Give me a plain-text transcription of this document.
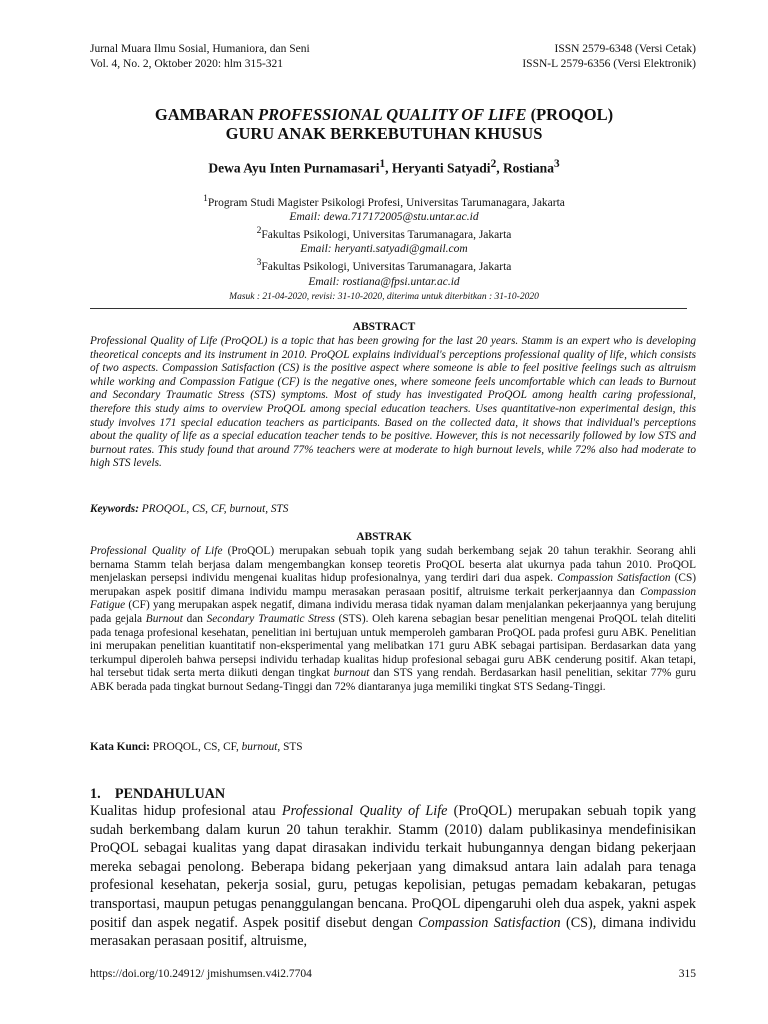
Jurnal Muara Ilmu Sosial, Humaniora, dan Seni
Vol. 4, No. 2, Oktober 2020: hlm 315-321
ISSN 2579-6348 (Versi Cetak)
ISSN-L 2579-6356 (Versi Elektronik)
GAMBARAN PROFESSIONAL QUALITY OF LIFE (PROQOL)
GURU ANAK BERKEBUTUHAN KHUSUS
Dewa Ayu Inten Purnamasari$^1$, Heryanti Satyadi$^2$, Rostiana$^3$
$^1$Program Studi Magister Psikologi Profesi, Universitas Tarumanagara, Jakarta
Email: dewa.717172005@stu.untar.ac.id
$^2$Fakultas Psikologi, Universitas Tarumanagara, Jakarta
Email: heryanti.satyadi@gmail.com
$^3$Fakultas Psikologi, Universitas Tarumanagara, Jakarta
Email: rostiana@fpsi.untar.ac.id
Masuk : 21-04-2020, revisi: 31-10-2020, diterima untuk diterbitkan : 31-10-2020
ABSTRACT
Professional Quality of Life (ProQOL) is a topic that has been growing for the last 20 years. Stamm is an expert who is developing theoretical concepts and its instrument in 2010. ProQOL explains individual's perceptions professional quality of life, which consists of two aspects. Compassion Satisfaction (CS) is the positive aspect where someone is able to feel positive feelings such as altruism while working and Compassion Fatigue (CF) is the negative ones, where someone feels uncomfortable which can leads to Burnout and Secondary Traumatic Stress (STS) symptoms. Most of study has investigated ProQOL among health caring professional, therefore this study aims to overview ProQOL among special education teachers. Uses quantitative-non experimental design, this study involves 171 special education teachers as participants. Based on the collected data, it shows that individual's perceptions about the quality of life as a special education teacher tends to be positive. However, this is not necessarily followed by low STS and burnout rates. This study found that around 77% teachers were at moderate to high burnout levels, while 72% also had moderate to high STS levels.
Keywords: PROQOL, CS, CF, burnout, STS
ABSTRAK
Professional Quality of Life (ProQOL) merupakan sebuah topik yang sudah berkembang sejak 20 tahun terakhir. Seorang ahli bernama Stamm telah berjasa dalam mengembangkan konsep teoretis ProQOL beserta alat ukurnya pada tahun 2010. ProQOL menjelaskan persepsi individu mengenai kualitas hidup profesionalnya, yang terdiri dari dua aspek. Compassion Satisfaction (CS) merupakan aspek positif dimana individu mampu merasakan perasaan positif, altruisme terkait perkerjaannya dan Compassion Fatigue (CF) yang merupakan aspek negatif, dimana individu merasa tidak nyaman dalam menjalankan pekerjaannya yang berujung pada gejala Burnout dan Secondary Traumatic Stress (STS). Oleh karena sebagian besar penelitian mengenai ProQOL telah diteliti pada tenaga profesional kesehatan, penelitian ini bertujuan untuk memperoleh gambaran ProQOL pada profesi guru ABK. Penelitian ini merupakan penelitian kuantitatif non-eksperimental yang melibatkan 171 guru ABK sebagai partisipan. Berdasarkan data yang terkumpul diperoleh bahwa persepsi individu terhadap kualitas hidup profesional sebagai guru ABK cenderung positif. Akan tetapi, hal tersebut tidak serta merta diikuti dengan tingkat burnout dan STS yang rendah. Berdasarkan hasil penelitian, sekitar 77% guru ABK berada pada tingkat burnout Sedang-Tinggi dan 72% diantaranya juga memiliki tingkat STS Sedang-Tinggi.
Kata Kunci: PROQOL, CS, CF, burnout, STS
1.    PENDAHULUAN
Kualitas hidup profesional atau Professional Quality of Life (ProQOL) merupakan sebuah topik yang sudah berkembang dalam kurun 20 tahun terakhir. Stamm (2010) dalam publikasinya mendefinisikan ProQOL sebagai kualitas yang dapat dirasakan individu terkait hubungannya dengan bidang pekerjaan mereka sebagai penolong. Beberapa bidang pekerjaan yang dimaksud antara lain adalah para tenaga profesional kesehatan, pekerja sosial, guru, petugas kepolisian, petugas pemadam kebakaran, petugas transportasi, maupun petugas penanggulangan bencana. ProQOL dipengaruhi oleh dua aspek, yakni aspek positif dan aspek negatif. Aspek positif disebut dengan Compassion Satisfaction (CS), dimana individu merasakan perasaan positif, altruisme,
https://doi.org/10.24912/ jmishumsen.v4i2.7704	315
